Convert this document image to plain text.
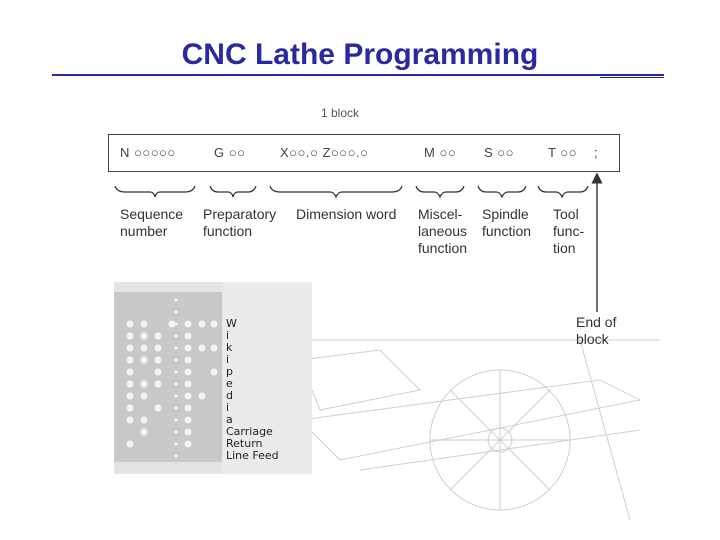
CNC Lathe Programming
1 block
N ○○○○○	G ○○	X○○.○ Z○○○.○	M ○○ S ○○	T ○○ ;
Sequence
number
Preparatory
function
Dimension word Miscel-
laneous
function
Spindle
function
Tool
func-
tion
End of
block
W
i
k
i
p
e
d
i
a
Carriage Return
Line Feed
